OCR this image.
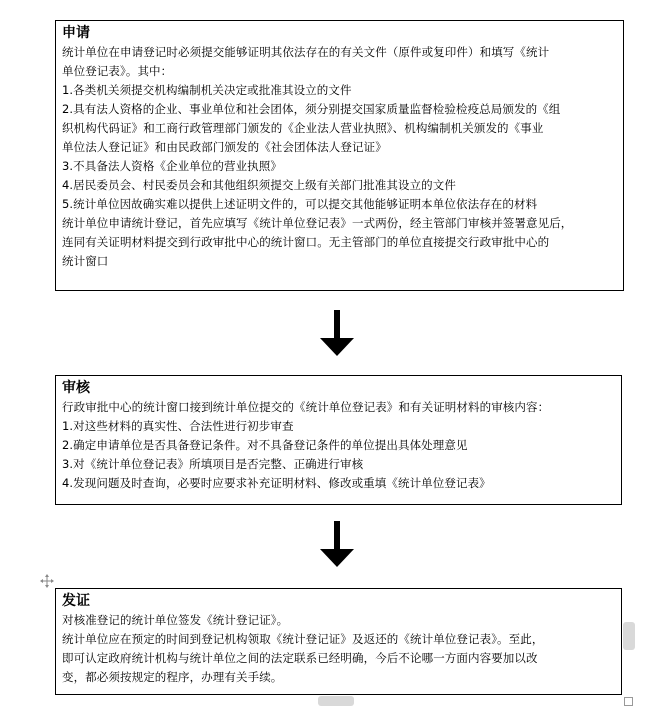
申请
统计单位在申请登记时必须提交能够证明其依法存在的有关文件（原件或复印件）和填写《统计
单位登记表》。其中：
1.各类机关须提交机构编制机关决定或批准其设立的文件
2.具有法人资格的企业、事业单位和社会团体，须分别提交国家质量监督检验检疫总局颁发的《组
织机构代码证》和工商行政管理部门颁发的《企业法人营业执照》、机构编制机关颁发的《事业
单位法人登记证》和由民政部门颁发的《社会团体法人登记证》
3.不具备法人资格《企业单位的营业执照》
4.居民委员会、村民委员会和其他组织须提交上级有关部门批准其设立的文件
5.统计单位因故确实难以提供上述证明文件的，可以提交其他能够证明本单位依法存在的材料
统计单位申请统计登记，首先应填写《统计单位登记表》一式两份，经主管部门审核并签署意见后，
连同有关证明材料提交到行政审批中心的统计窗口。无主管部门的单位直接提交行政审批中心的
统计窗口
审核
行政审批中心的统计窗口接到统计单位提交的《统计单位登记表》和有关证明材料的审核内容：
1.对这些材料的真实性、合法性进行初步审查
2.确定申请单位是否具备登记条件。对不具备登记条件的单位提出具体处理意见
3.对《统计单位登记表》所填项目是否完整、正确进行审核
4.发现问题及时查询，必要时应要求补充证明材料、修改或重填《统计单位登记表》
发证
对核准登记的统计单位签发《统计登记证》。
统计单位应在预定的时间到登记机构领取《统计登记证》及返还的《统计单位登记表》。至此，
即可认定政府统计机构与统计单位之间的法定联系已经明确，今后不论哪一方面内容要加以改
变，都必须按规定的程序，办理有关手续。
